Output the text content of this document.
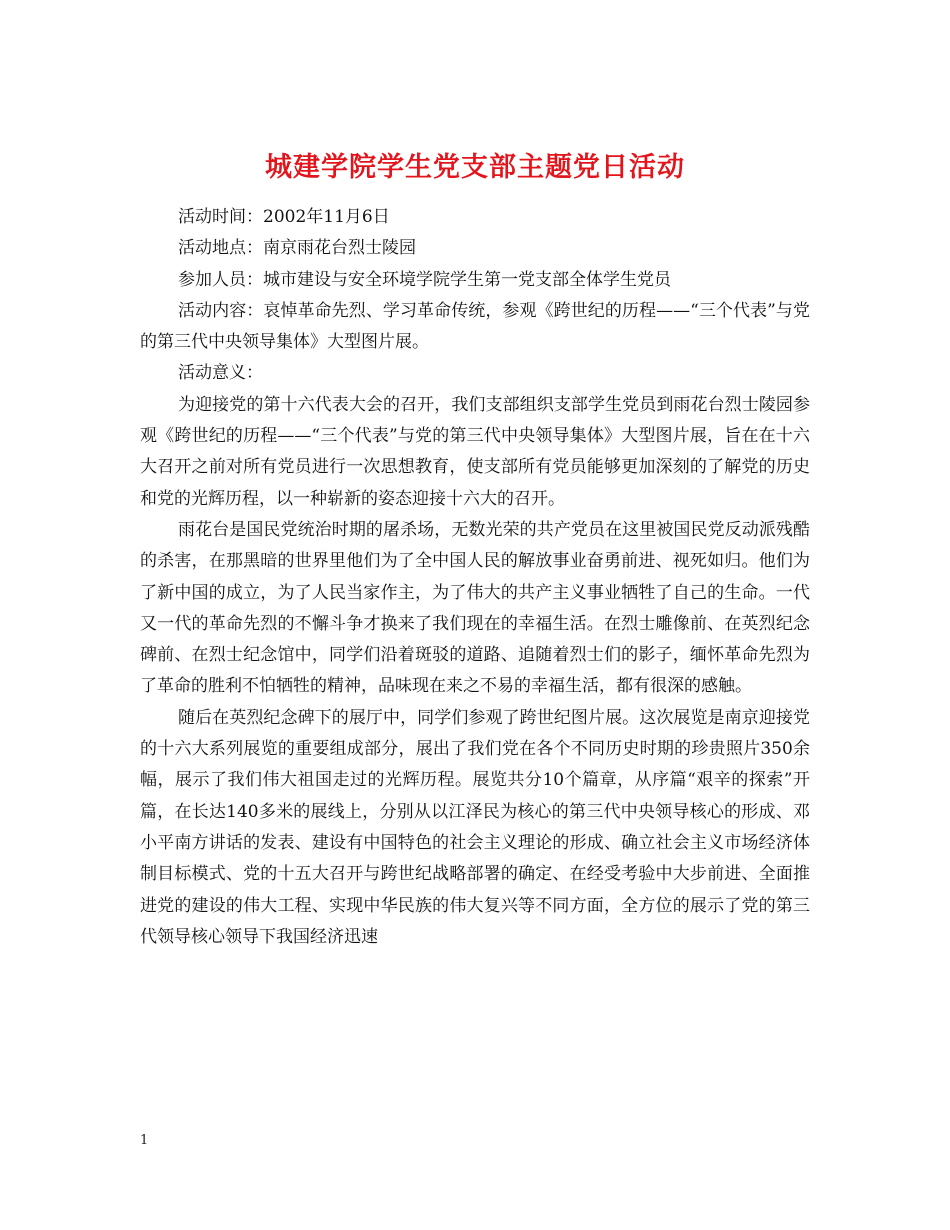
城建学院学生党支部主题党日活动

活动时间：2002年11月6日

活动地点：南京雨花台烈士陵园

参加人员：城市建设与安全环境学院学生第一党支部全体学生党员

活动内容：哀悼革命先烈、学习革命传统，参观《跨世纪的历程——“三个代表”与党的第三代中央领导集体》大型图片展。

活动意义：

为迎接党的第十六代表大会的召开，我们支部组织支部学生党员到雨花台烈士陵园参观《跨世纪的历程——“三个代表”与党的第三代中央领导集体》大型图片展，旨在在十六大召开之前对所有党员进行一次思想教育，使支部所有党员能够更加深刻的了解党的历史和党的光辉历程，以一种崭新的姿态迎接十六大的召开。

雨花台是国民党统治时期的屠杀场，无数光荣的共产党员在这里被国民党反动派残酷的杀害，在那黑暗的世界里他们为了全中国人民的解放事业奋勇前进、视死如归。他们为了新中国的成立，为了人民当家作主，为了伟大的共产主义事业牺牲了自己的生命。一代又一代的革命先烈的不懈斗争才换来了我们现在的幸福生活。在烈士雕像前、在英烈纪念碑前、在烈士纪念馆中，同学们沿着斑驳的道路、追随着烈士们的影子，缅怀革命先烈为了革命的胜利不怕牺牲的精神，品味现在来之不易的幸福生活，都有很深的感触。

随后在英烈纪念碑下的展厅中，同学们参观了跨世纪图片展。这次展览是南京迎接党的十六大系列展览的重要组成部分，展出了我们党在各个不同历史时期的珍贵照片350余幅，展示了我们伟大祖国走过的光辉历程。展览共分10个篇章，从序篇“艰辛的探索”开篇，在长达140多米的展线上，分别从以江泽民为核心的第三代中央领导核心的形成、邓小平南方讲话的发表、建设有中国特色的社会主义理论的形成、确立社会主义市场经济体制目标模式、党的十五大召开与跨世纪战略部署的确定、在经受考验中大步前进、全面推进党的建设的伟大工程、实现中华民族的伟大复兴等不同方面，全方位的展示了党的第三代领导核心领导下我国经济迅速

1
